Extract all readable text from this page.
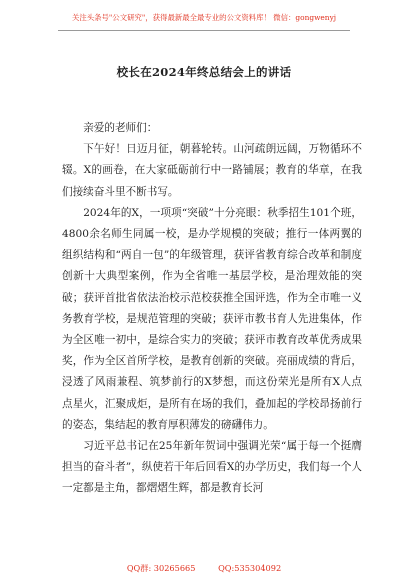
关注头条号"公文研究"，获得最新最全最专业的公文资料库！ 微信：gongwenyj
校长在2024年终总结会上的讲话

亲爱的老师们：

下午好！日迈月征，朝暮轮转。山河疏朗远阔，万物循环不辍。X的画卷，在大家砥砺前行中一路铺展；教育的华章，在我们接续奋斗里不断书写。

2024年的X，一项项“突破”十分亮眼：秋季招生101个班，4800余名师生同属一校，是办学规模的突破；推行一体两翼的组织结构和“两自一包”的年级管理，获评省教育综合改革和制度创新十大典型案例，作为全省唯一基层学校，是治理效能的突破；获评首批省依法治校示范校获推全国评选，作为全市唯一义务教育学校，是规范管理的突破；获评市教书育人先进集体，作为全区唯一初中，是综合实力的突破；获评市教育改革优秀成果奖，作为全区首所学校，是教育创新的突破。亮丽成绩的背后，浸透了风雨兼程、筑梦前行的X梦想，而这份荣光是所有X人点点星火，汇聚成炬，是所有在场的我们，叠加起的学校昂扬前行的姿态，集结起的教育厚积薄发的磅礴伟力。

习近平总书记在25年新年贺词中强调光荣“属于每一个挺膺担当的奋斗者”，纵使若干年后回看X的办学历史，我们每一个人一定都是主角，都熠熠生辉，都是教育长河

QQ群: 30265665	QQ:535304092
